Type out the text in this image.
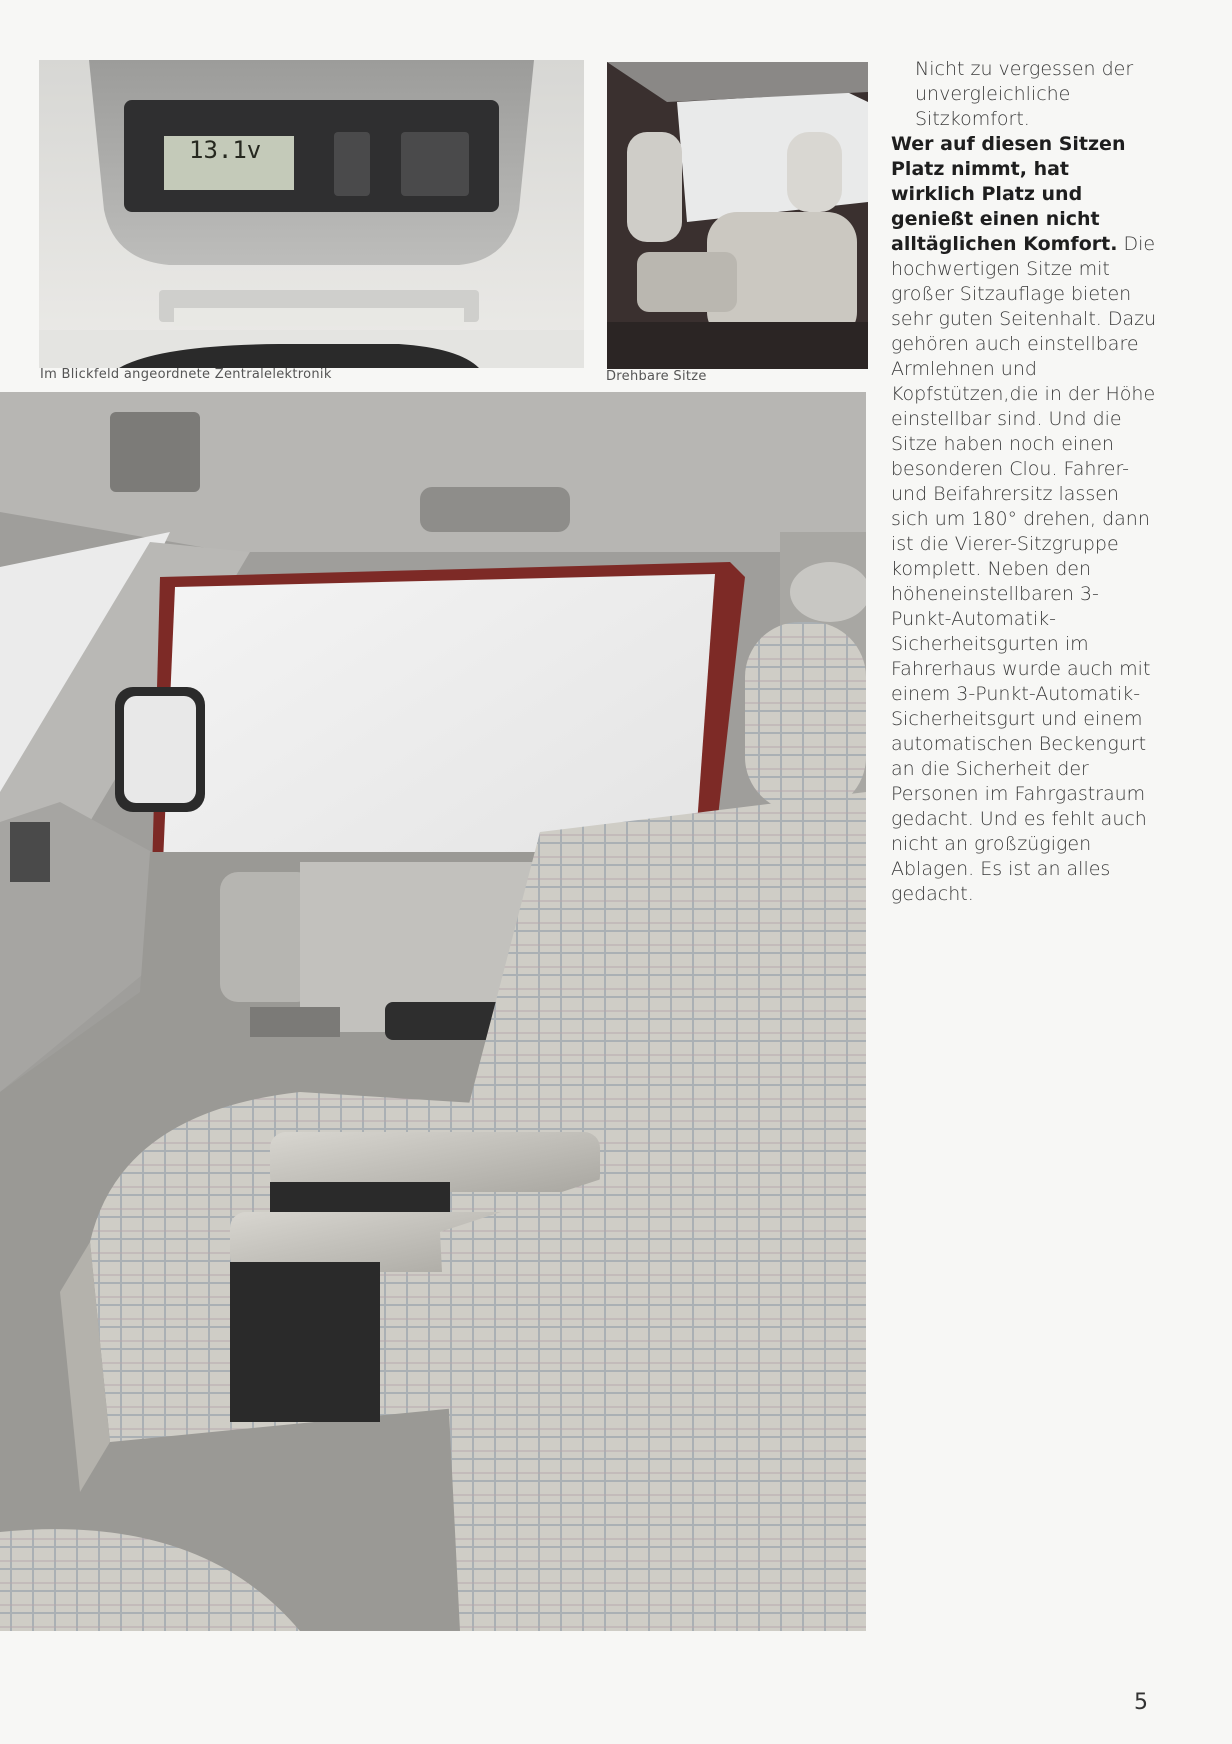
13.1v
Im Blickfeld angeordnete Zentralelektronik	Drehbare Sitze

Nicht zu vergessen der unvergleichliche Sitzkomfort.

Wer auf diesen Sitzen Platz nimmt, hat wirklich Platz und genießt einen nicht alltäglichen Komfort. Die hochwertigen Sitze mit großer Sitzauflage bieten sehr guten Seitenhalt. Dazu gehören auch einstellbare Armlehnen und Kopfstützen,die in der Höhe einstellbar sind. Und die Sitze haben noch einen besonderen Clou. Fahrer- und Beifahrersitz lassen sich um 180° drehen, dann ist die Vierer-Sitzgruppe komplett. Neben den höheneinstellbaren 3-Punkt-Automatik-Sicherheitsgurten im Fahrerhaus wurde auch mit einem 3-Punkt-Automatik-Sicherheitsgurt und einem automatischen Beckengurt an die Sicherheit der Personen im Fahrgastraum gedacht. Und es fehlt auch nicht an großzügigen Ablagen. Es ist an alles gedacht.

5
